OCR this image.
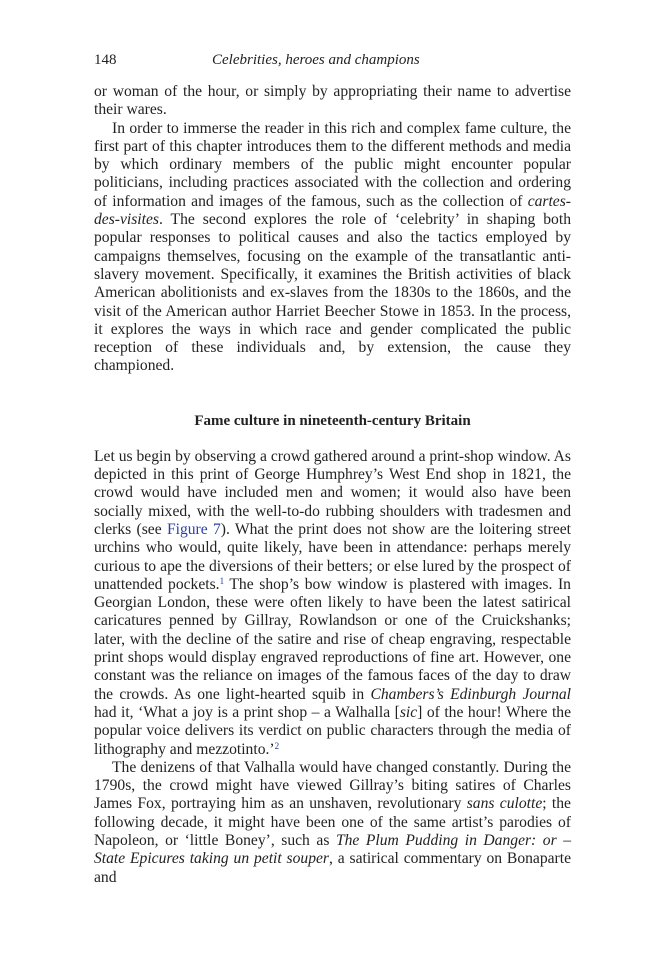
148	Celebrities, heroes and champions

or woman of the hour, or simply by appropriating their name to advertise their wares.

In order to immerse the reader in this rich and complex fame culture, the first part of this chapter introduces them to the different methods and media by which ordinary members of the public might encounter popular politicians, including practices associated with the collection and ordering of information and images of the famous, such as the collection of cartes-des-visites. The second explores the role of ‘celebrity’ in shaping both popular responses to political causes and also the tactics employed by campaigns themselves, focusing on the example of the transatlantic anti-slavery movement. Specifically, it examines the British activities of black American abolitionists and ex-slaves from the 1830s to the 1860s, and the visit of the American author Harriet Beecher Stowe in 1853. In the process, it explores the ways in which race and gender complicated the public reception of these individuals and, by extension, the cause they championed.

Fame culture in nineteenth-century Britain

Let us begin by observing a crowd gathered around a print-shop window. As depicted in this print of George Humphrey’s West End shop in 1821, the crowd would have included men and women; it would also have been socially mixed, with the well-to-do rubbing shoulders with tradesmen and clerks (see Figure 7). What the print does not show are the loitering street urchins who would, quite likely, have been in attendance: perhaps merely curious to ape the diversions of their betters; or else lured by the prospect of unattended pockets.$^1$ The shop’s bow window is plastered with images. In Georgian London, these were often likely to have been the latest satirical caricatures penned by Gillray, Rowlandson or one of the Cruickshanks; later, with the decline of the satire and rise of cheap engraving, respectable print shops would display engraved reproductions of fine art. However, one constant was the reliance on images of the famous faces of the day to draw the crowds. As one light-hearted squib in Chambers’s Edinburgh Journal had it, ‘What a joy is a print shop – a Walhalla [sic] of the hour! Where the popular voice delivers its verdict on public characters through the media of lithography and mezzotinto.’$^2$

The denizens of that Valhalla would have changed constantly. During the 1790s, the crowd might have viewed Gillray’s biting satires of Charles James Fox, portraying him as an unshaven, revolutionary sans culotte; the following decade, it might have been one of the same artist’s parodies of Napoleon, or ‘little Boney’, such as The Plum Pudding in Danger: or – State Epicures taking un petit souper, a satirical commentary on Bonaparte and
